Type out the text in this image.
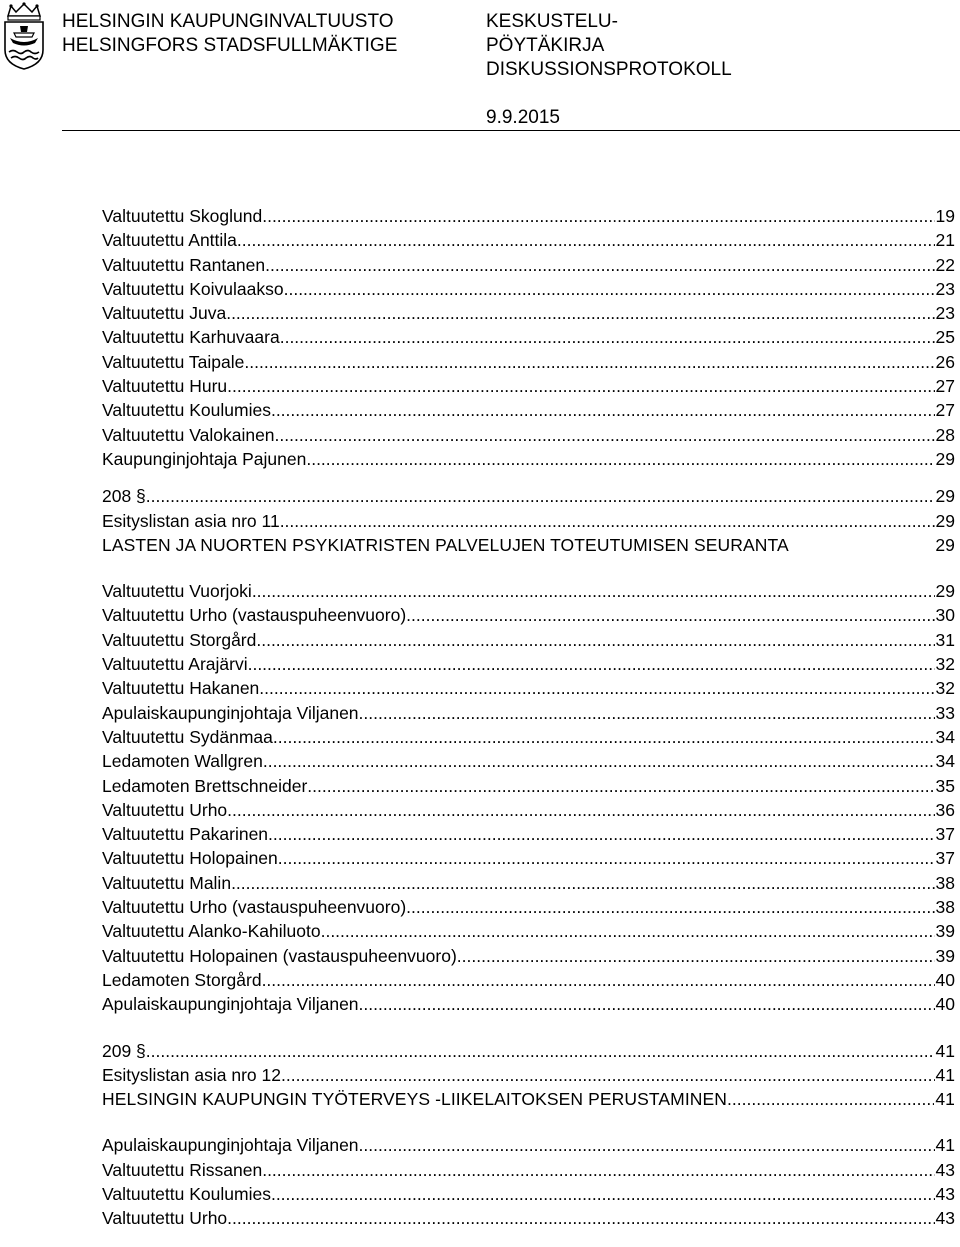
HELSINGIN KAUPUNGINVALTUUSTO
HELSINGFORS STADSFULLMÄKTIGE
KESKUSTELU-
PÖYTÄKIRJA
DISKUSSIONSPROTOKOLL
9.9.2015
Valtuutettu Skoglund .....	19
Valtuutettu Anttila .....	21
Valtuutettu Rantanen .....	22
Valtuutettu Koivulaakso .....	23
Valtuutettu Juva .....	23
Valtuutettu Karhuvaara .....	25
Valtuutettu Taipale .....	26
Valtuutettu Huru .....	27
Valtuutettu Koulumies .....	27
Valtuutettu Valokainen .....	28
Kaupunginjohtaja Pajunen .....	29
208 § .....	29
Esityslistan asia nro 11 .....	29
LASTEN JA NUORTEN PSYKIATRISTEN PALVELUJEN TOTEUTUMISEN SEURANTA	29
Valtuutettu Vuorjoki .....	29
Valtuutettu Urho (vastauspuheenvuoro) .....	30
Valtuutettu Storgård .....	31
Valtuutettu Arajärvi .....	32
Valtuutettu Hakanen .....	32
Apulaiskaupunginjohtaja Viljanen .....	33
Valtuutettu Sydänmaa .....	34
Ledamoten Wallgren .....	34
Ledamoten Brettschneider .....	35
Valtuutettu Urho .....	36
Valtuutettu Pakarinen .....	37
Valtuutettu Holopainen .....	37
Valtuutettu Malin .....	38
Valtuutettu Urho (vastauspuheenvuoro) .....	38
Valtuutettu Alanko-Kahiluoto .....	39
Valtuutettu Holopainen (vastauspuheenvuoro) .....	39
Ledamoten Storgård .....	40
Apulaiskaupunginjohtaja Viljanen .....	40
209 § .....	41
Esityslistan asia nro 12 .....	41
HELSINGIN KAUPUNGIN TYÖTERVEYS -LIIKELAITOKSEN PERUSTAMINEN .....	41
Apulaiskaupunginjohtaja Viljanen .....	41
Valtuutettu Rissanen .....	43
Valtuutettu Koulumies .....	43
Valtuutettu Urho .....	43
